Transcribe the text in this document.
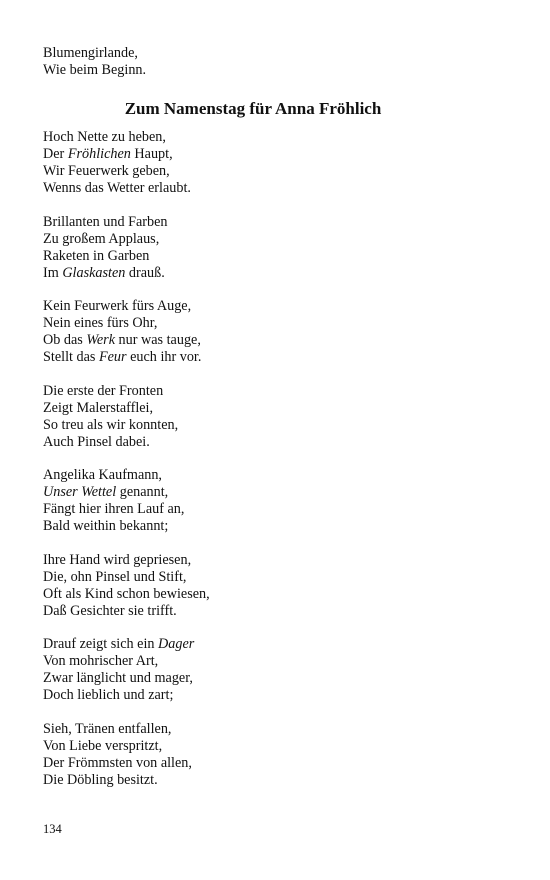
Blumengirlande,
Wie beim Beginn.
Zum Namenstag für Anna Fröhlich
Hoch Nette zu heben,
Der Fröhlichen Haupt,
Wir Feuerwerk geben,
Wenns das Wetter erlaubt.
Brillanten und Farben
Zu großem Applaus,
Raketen in Garben
Im Glaskasten drauß.
Kein Feurwerk fürs Auge,
Nein eines fürs Ohr,
Ob das Werk nur was tauge,
Stellt das Feur euch ihr vor.
Die erste der Fronten
Zeigt Malerstafflei,
So treu als wir konnten,
Auch Pinsel dabei.
Angelika Kaufmann,
Unser Wettel genannt,
Fängt hier ihren Lauf an,
Bald weithin bekannt;
Ihre Hand wird gepriesen,
Die, ohn Pinsel und Stift,
Oft als Kind schon bewiesen,
Daß Gesichter sie trifft.
Drauf zeigt sich ein Dager
Von mohrischer Art,
Zwar länglicht und mager,
Doch lieblich und zart;
Sieh, Tränen entfallen,
Von Liebe verspritzt,
Der Frömmsten von allen,
Die Döbling besitzt.
134
